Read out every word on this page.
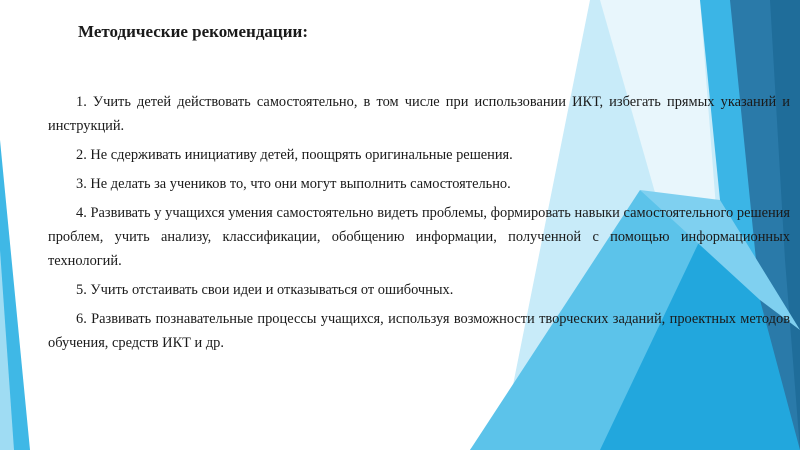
Методические рекомендации:

1. Учить детей действовать самостоятельно, в том числе при использовании ИКТ, избегать прямых указаний и инструкций.

2. Не сдерживать инициативу детей, поощрять оригинальные решения.

3. Не делать за учеников то, что они могут выполнить самостоятельно.

4. Развивать у учащихся умения самостоятельно видеть проблемы, формировать навыки самостоятельного решения проблем, учить анализу, классификации, обобщению информации, полученной с помощью информационных технологий.

5. Учить отстаивать свои идеи и отказываться от ошибочных.

6. Развивать познавательные процессы учащихся, используя возможности творческих заданий, проектных методов обучения, средств ИКТ и др.
